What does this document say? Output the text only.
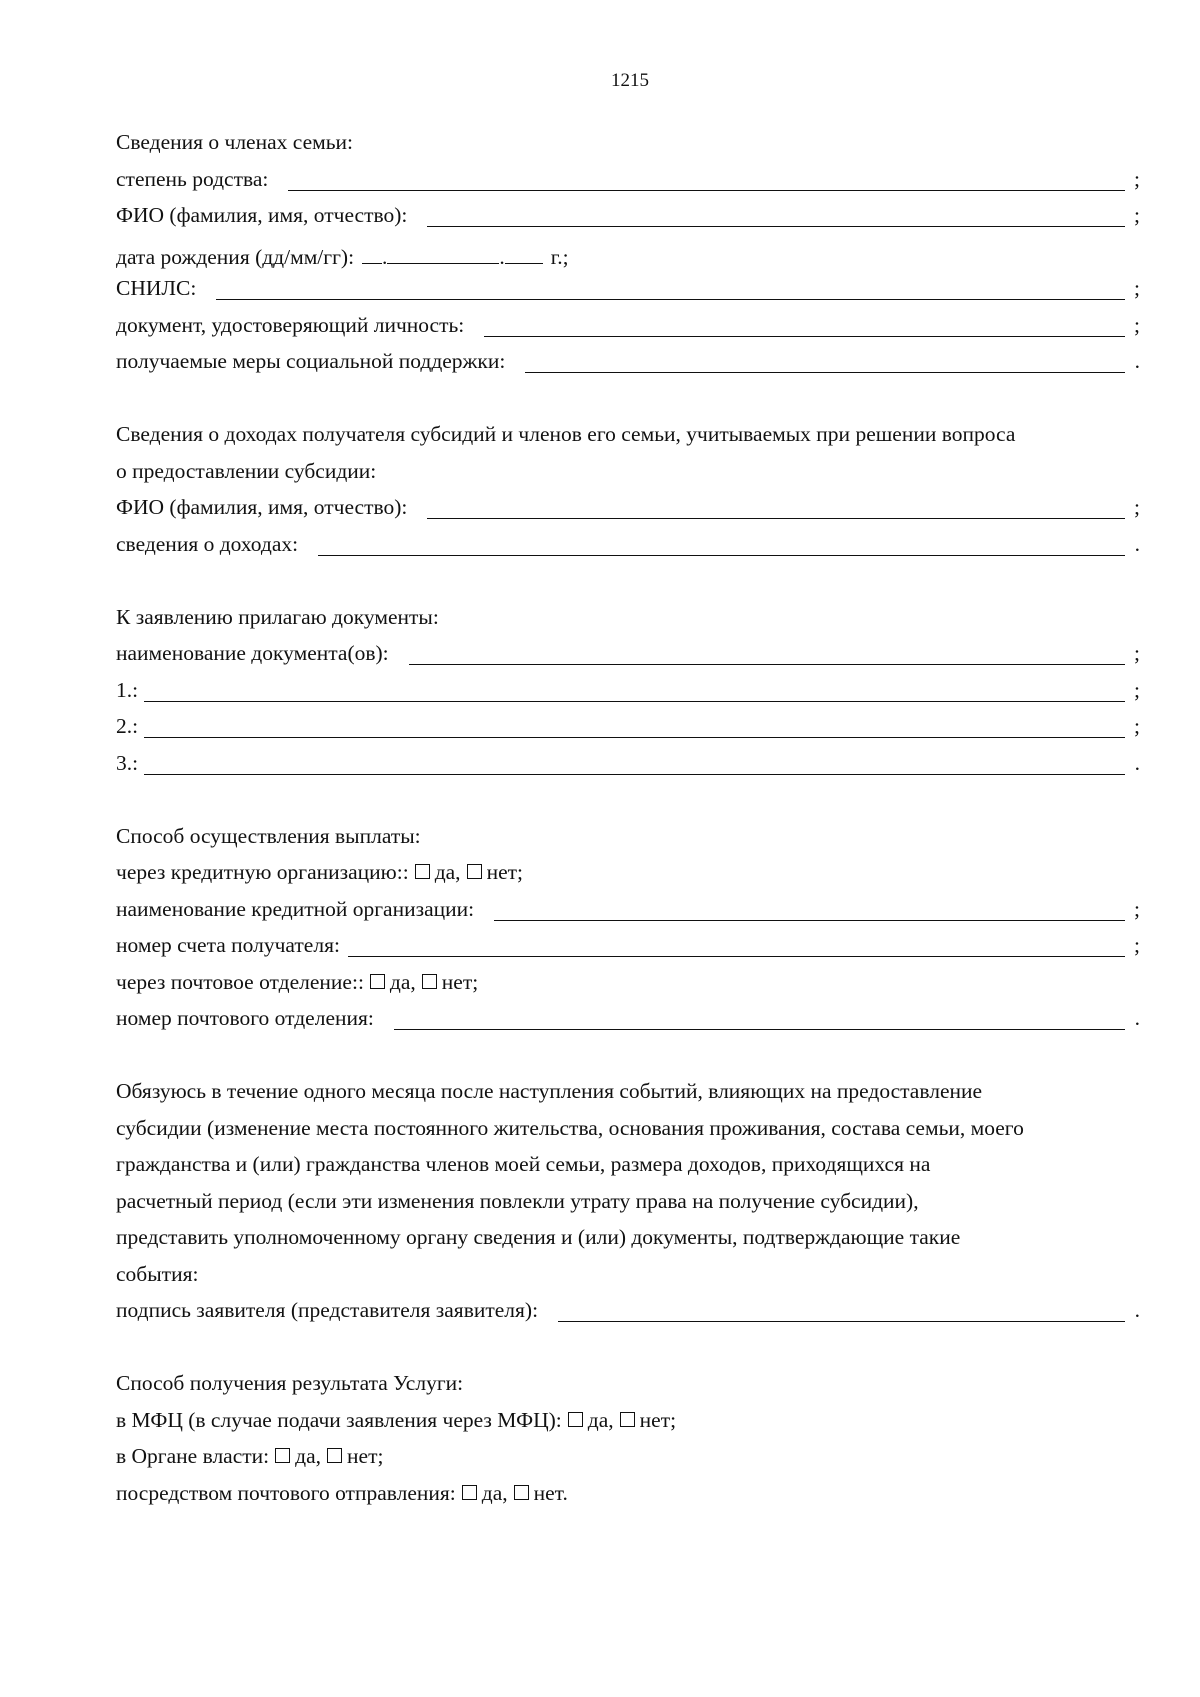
1215
Сведения о членах семьи:
степень родства:	;
ФИО (фамилия, имя, отчество):	;
дата рождения (дд/мм/гг): .	. г.;
СНИЛС:	;
документ, удостоверяющий личность:	;
получаемые меры социальной поддержки:	.
Сведения о доходах получателя субсидий и членов его семьи, учитываемых при решении вопроса
о предоставлении субсидии:
ФИО (фамилия, имя, отчество):	;
сведения о доходах:	.
К заявлению прилагаю документы:
наименование документа(ов):	;
1.:	;
2.:	;
3.:	.
Способ осуществления выплаты:
через кредитную организацию:: да, нет;
наименование кредитной организации:	;
номер счета получателя:	;
через почтовое отделение:: да, нет;
номер почтового отделения:	.
Обязуюсь в течение одного месяца после наступления событий, влияющих на предоставление
субсидии (изменение места постоянного жительства, основания проживания, состава семьи, моего
гражданства и (или) гражданства членов моей семьи, размера доходов, приходящихся на
расчетный период (если эти изменения повлекли утрату права на получение субсидии),
представить уполномоченному органу сведения и (или) документы, подтверждающие такие
события:
подпись заявителя (представителя заявителя):	.
Способ получения результата Услуги:
в МФЦ (в случае подачи заявления через МФЦ): да, нет;
в Органе власти: да, нет;
посредством почтового отправления: да, нет.
